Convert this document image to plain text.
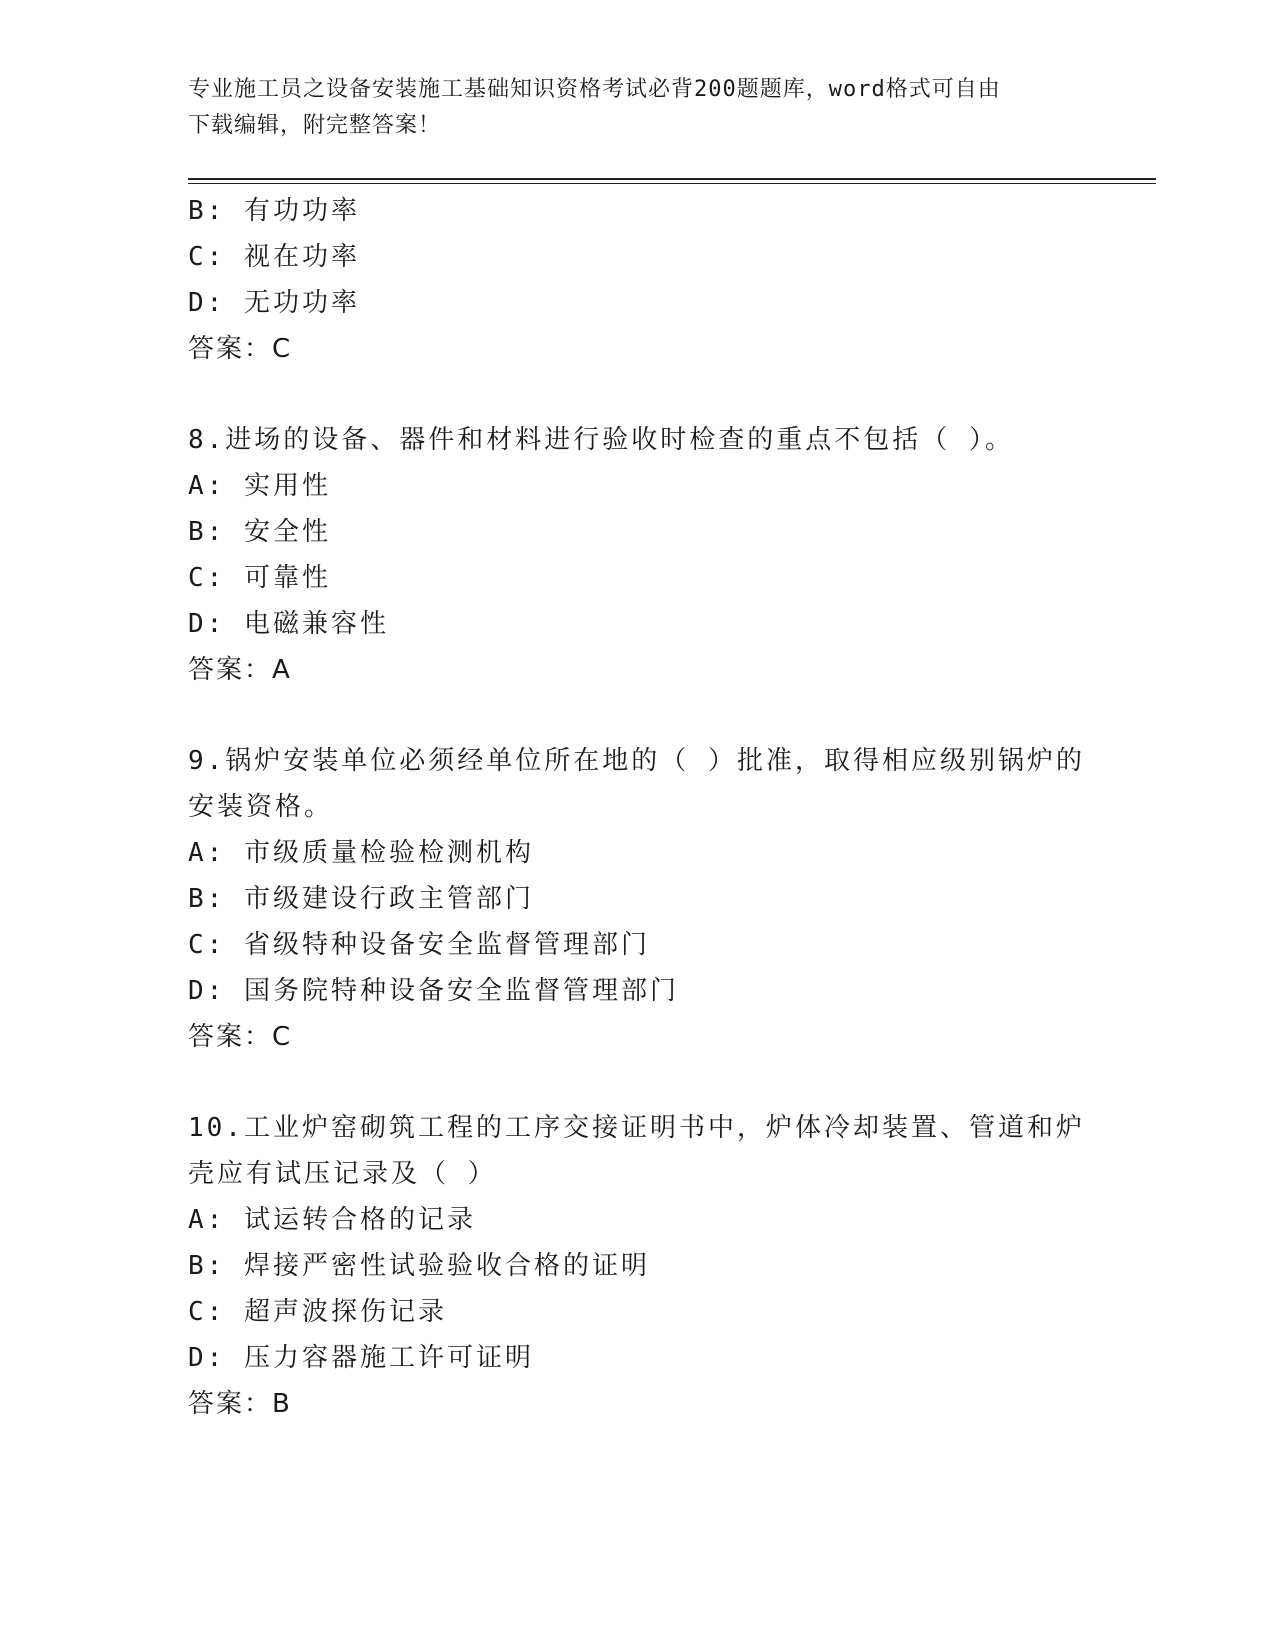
专业施工员之设备安装施工基础知识资格考试必背200题题库，word格式可自由
下载编辑，附完整答案！
B: 有功功率
C: 视在功率
D: 无功功率
答案：C
8.进场的设备、器件和材料进行验收时检查的重点不包括（ ）。
A: 实用性
B: 安全性
C: 可靠性
D: 电磁兼容性
答案：A
9.锅炉安装单位必须经单位所在地的（ ）批准，取得相应级别锅炉的
安装资格。
A: 市级质量检验检测机构
B: 市级建设行政主管部门
C: 省级特种设备安全监督管理部门
D: 国务院特种设备安全监督管理部门
答案：C
10.工业炉窑砌筑工程的工序交接证明书中，炉体冷却装置、管道和炉
壳应有试压记录及（ ）
A: 试运转合格的记录
B: 焊接严密性试验验收合格的证明
C: 超声波探伤记录
D: 压力容器施工许可证明
答案：B
